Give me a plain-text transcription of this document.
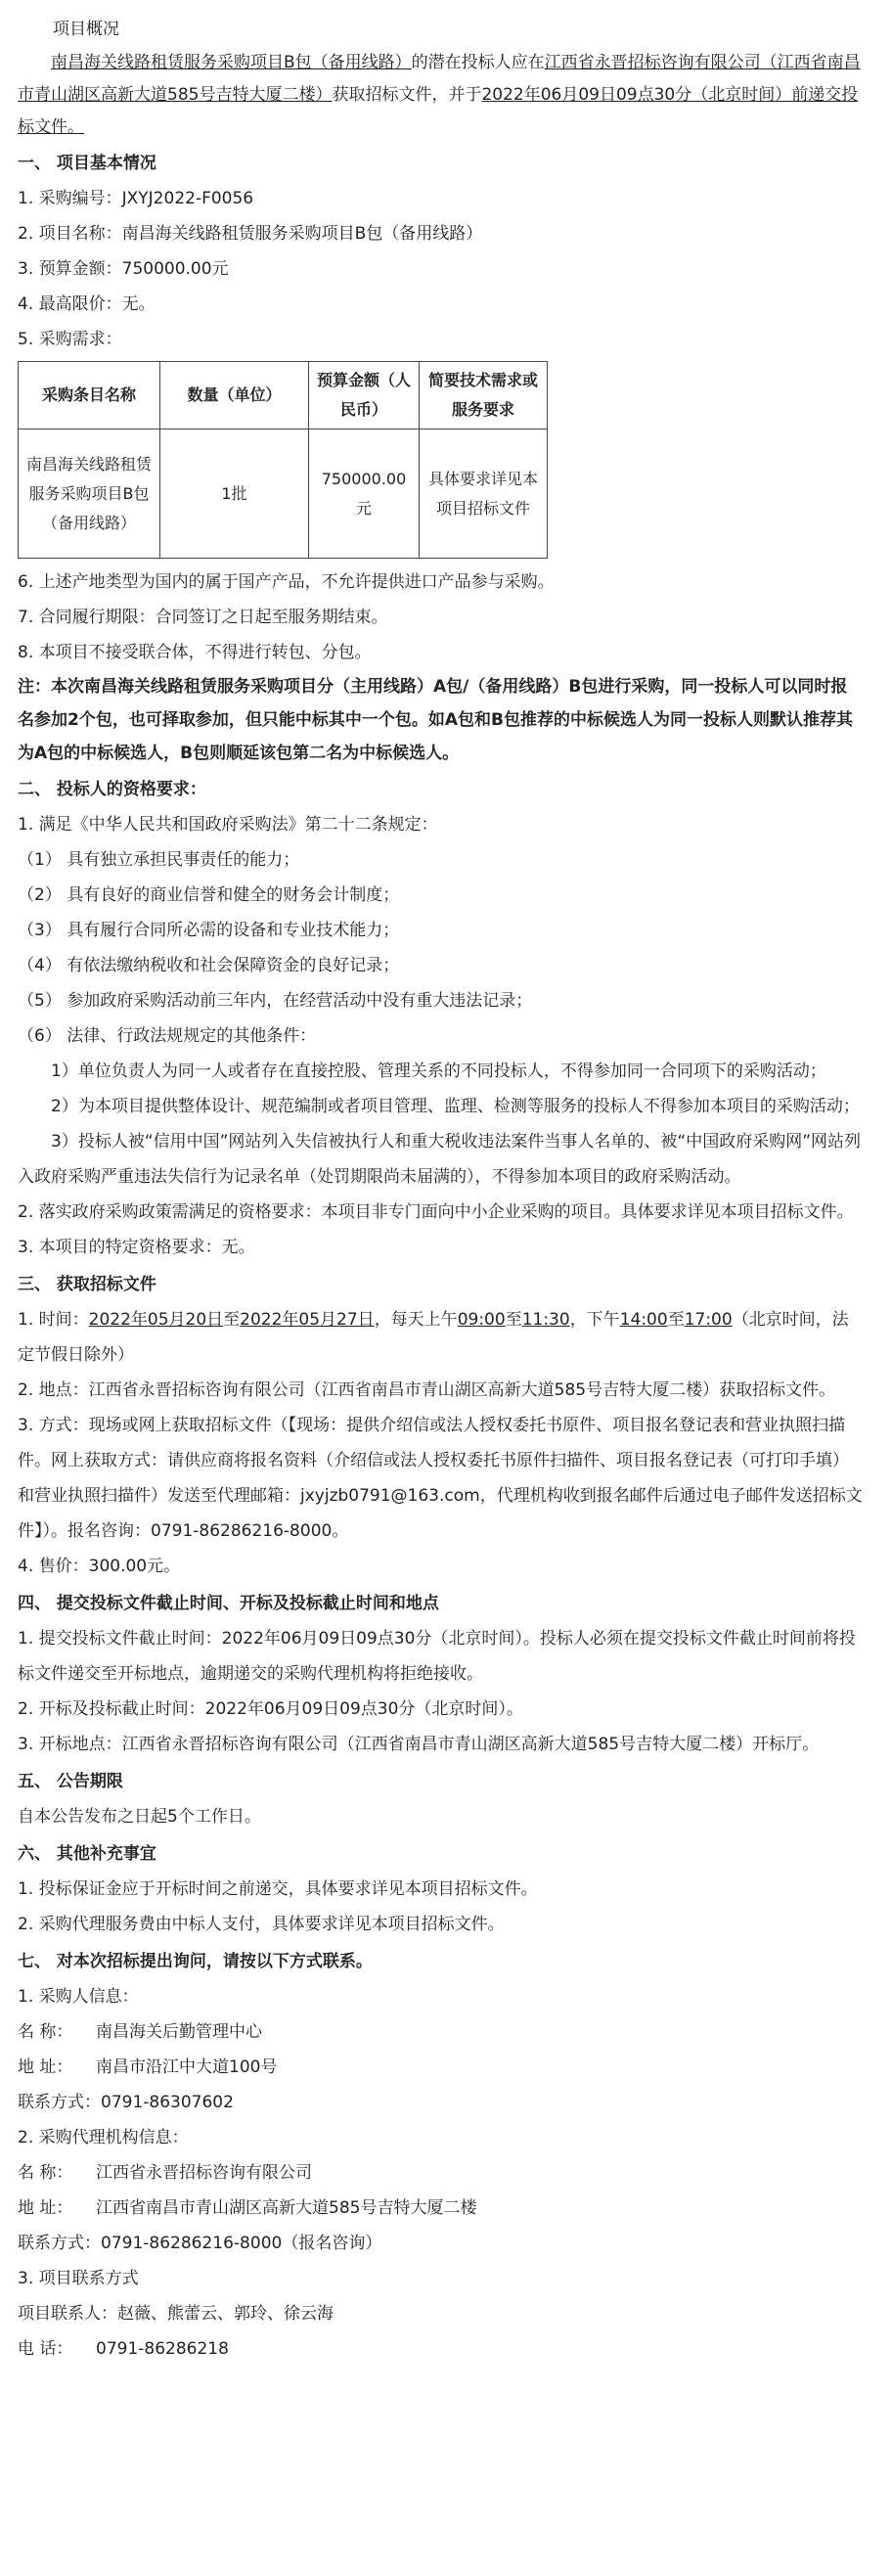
项目概况

南昌海关线路租赁服务采购项目B包（备用线路）的潜在投标人应在江西省永晋招标咨询有限公司（江西省南昌市青山湖区高新大道585号吉特大厦二楼）获取招标文件，并于2022年06月09日09点30分（北京时间）前递交投标文件。

一、 项目基本情况

1. 采购编号：JXYJ2022-F0056

2. 项目名称：南昌海关线路租赁服务采购项目B包（备用线路）

3. 预算金额：750000.00元

4. 最高限价：无。

5. 采购需求：

采购条目名称	数量（单位）	预算金额（人民币）	简要技术需求或服务要求
南昌海关线路租赁服务采购项目B包（备用线路）	1批	750000.00元	具体要求详见本项目招标文件

6. 上述产地类型为国内的属于国产产品，不允许提供进口产品参与采购。

7. 合同履行期限：合同签订之日起至服务期结束。

8. 本项目不接受联合体，不得进行转包、分包。

注：本次南昌海关线路租赁服务采购项目分（主用线路）A包/（备用线路）B包进行采购，同一投标人可以同时报名参加2个包，也可择取参加，但只能中标其中一个包。如A包和B包推荐的中标候选人为同一投标人则默认推荐其为A包的中标候选人，B包则顺延该包第二名为中标候选人。

二、 投标人的资格要求：

1. 满足《中华人民共和国政府采购法》第二十二条规定：

（1） 具有独立承担民事责任的能力；

（2） 具有良好的商业信誉和健全的财务会计制度；

（3） 具有履行合同所必需的设备和专业技术能力；

（4） 有依法缴纳税收和社会保障资金的良好记录；

（5） 参加政府采购活动前三年内，在经营活动中没有重大违法记录；

（6） 法律、行政法规规定的其他条件：

1）单位负责人为同一人或者存在直接控股、管理关系的不同投标人，不得参加同一合同项下的采购活动；

2）为本项目提供整体设计、规范编制或者项目管理、监理、检测等服务的投标人不得参加本项目的采购活动；

3）投标人被“信用中国”网站列入失信被执行人和重大税收违法案件当事人名单的、被“中国政府采购网”网站列入政府采购严重违法失信行为记录名单（处罚期限尚未届满的），不得参加本项目的政府采购活动。

2. 落实政府采购政策需满足的资格要求：本项目非专门面向中小企业采购的项目。具体要求详见本项目招标文件。

3. 本项目的特定资格要求：无。

三、 获取招标文件

1. 时间：2022年05月20日至2022年05月27日，每天上午09:00至11:30，下午14:00至17:00（北京时间，法定节假日除外）

2. 地点：江西省永晋招标咨询有限公司（江西省南昌市青山湖区高新大道585号吉特大厦二楼）获取招标文件。

3. 方式：现场或网上获取招标文件（【现场：提供介绍信或法人授权委托书原件、项目报名登记表和营业执照扫描件。网上获取方式：请供应商将报名资料（介绍信或法人授权委托书原件扫描件、项目报名登记表（可打印手填）和营业执照扫描件）发送至代理邮箱：jxyjzb0791@163.com，代理机构收到报名邮件后通过电子邮件发送招标文件】）。报名咨询：0791-86286216-8000。

4. 售价：300.00元。

四、 提交投标文件截止时间、开标及投标截止时间和地点

1. 提交投标文件截止时间：2022年06月09日09点30分（北京时间）。投标人必须在提交投标文件截止时间前将投标文件递交至开标地点，逾期递交的采购代理机构将拒绝接收。

2. 开标及投标截止时间：2022年06月09日09点30分（北京时间）。

3. 开标地点：江西省永晋招标咨询有限公司（江西省南昌市青山湖区高新大道585号吉特大厦二楼）开标厅。

五、 公告期限

自本公告发布之日起5个工作日。

六、 其他补充事宜

1. 投标保证金应于开标时间之前递交，具体要求详见本项目招标文件。

2. 采购代理服务费由中标人支付，具体要求详见本项目招标文件。

七、 对本次招标提出询问，请按以下方式联系。

1. 采购人信息：

名 称： 南昌海关后勤管理中心

地 址： 南昌市沿江中大道100号

联系方式：0791-86307602

2. 采购代理机构信息：

名 称： 江西省永晋招标咨询有限公司

地 址： 江西省南昌市青山湖区高新大道585号吉特大厦二楼

联系方式：0791-86286216-8000（报名咨询）

3. 项目联系方式

项目联系人：赵薇、熊蕾云、郭玲、徐云海

电 话： 0791-86286218
